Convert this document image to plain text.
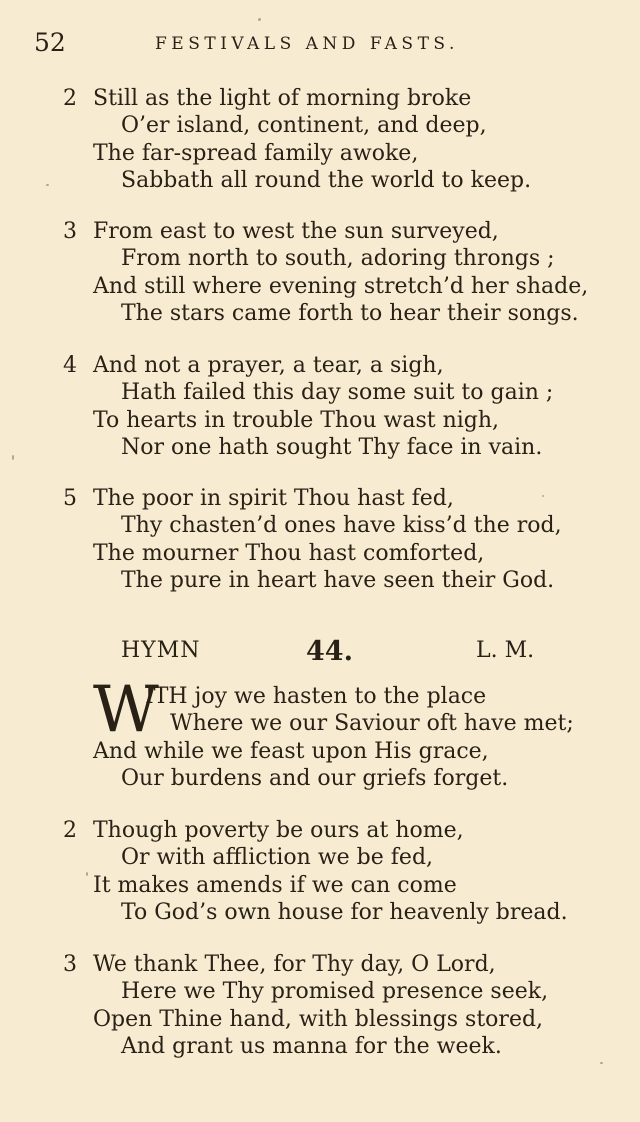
52	FESTIVALS AND FASTS.
2 Still as the light of morning broke
O’er island, continent, and deep,
The far-spread family awoke,
Sabbath all round the world to keep.
3 From east to west the sun surveyed,
From north to south, adoring throngs ;
And still where evening stretch’d her shade,
The stars came forth to hear their songs.
4 And not a prayer, a tear, a sigh,
Hath failed this day some suit to gain ;
To hearts in trouble Thou wast nigh,
Nor one hath sought Thy face in vain.
5 The poor in spirit Thou hast fed,
Thy chasten’d ones have kiss’d the rod,
The mourner Thou hast comforted,
The pure in heart have seen their God.
HYMN	44.	L. M.
W
ITH joy we hasten to the place
Where we our Saviour oft have met;
And while we feast upon His grace,
Our burdens and our griefs forget.
2 Though poverty be ours at home,
Or with affliction we be fed,
It makes amends if we can come
To God’s own house for heavenly bread.
3 We thank Thee, for Thy day, O Lord,
Here we Thy promised presence seek,
Open Thine hand, with blessings stored,
And grant us manna for the week.
